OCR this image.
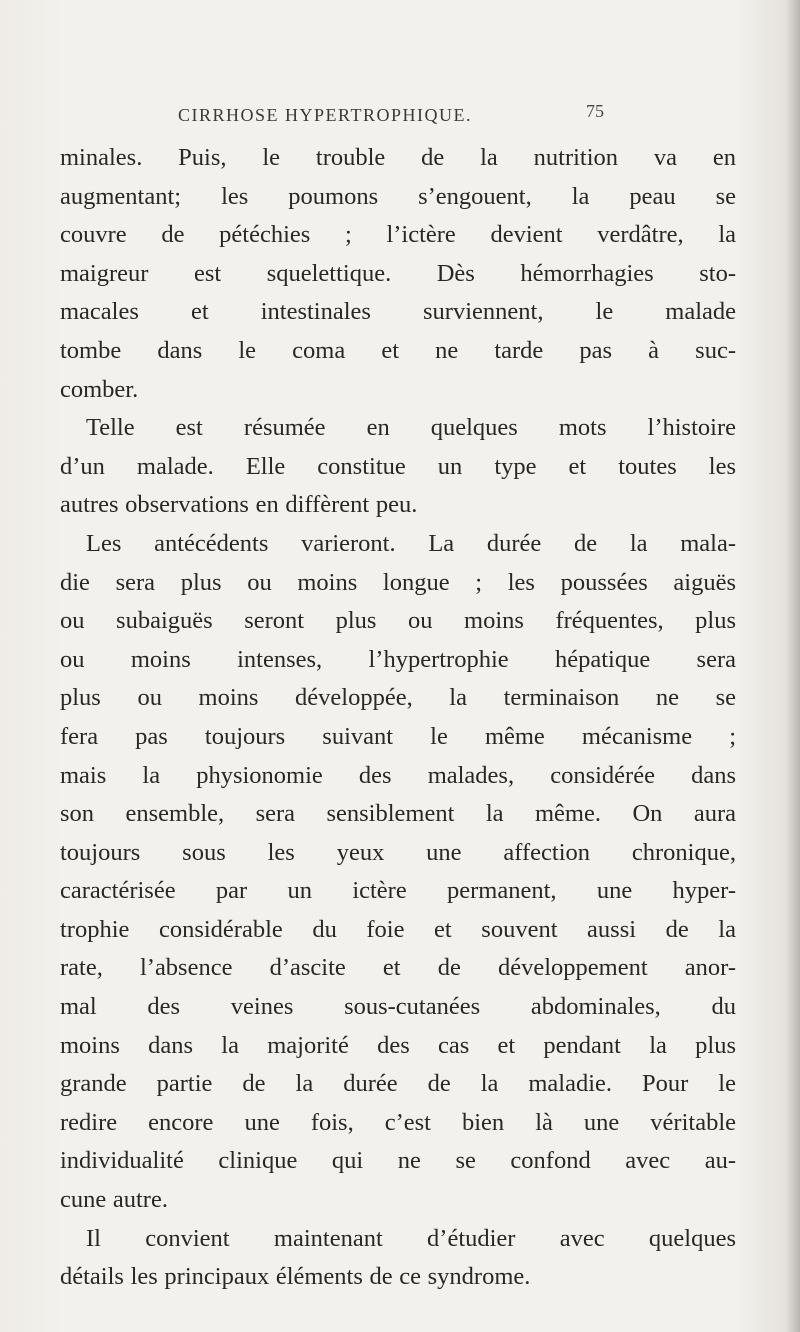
CIRRHOSE HYPERTROPHIQUE.	75
minales. Puis, le trouble de la nutrition va en
augmentant; les poumons s’engouent, la peau se
couvre de pétéchies ; l’ictère devient verdâtre, la
maigreur est squelettique. Dès hémorrhagies sto-
macales et intestinales surviennent, le malade
tombe dans le coma et ne tarde pas à suc-
comber.
Telle est résumée en quelques mots l’histoire
d’un malade. Elle constitue un type et toutes les
autres observations en diffèrent peu.
Les antécédents varieront. La durée de la mala-
die sera plus ou moins longue ; les poussées aiguës
ou subaiguës seront plus ou moins fréquentes, plus
ou moins intenses, l’hypertrophie hépatique sera
plus ou moins développée, la terminaison ne se
fera pas toujours suivant le même mécanisme ;
mais la physionomie des malades, considérée dans
son ensemble, sera sensiblement la même. On aura
toujours sous les yeux une affection chronique,
caractérisée par un ictère permanent, une hyper-
trophie considérable du foie et souvent aussi de la
rate, l’absence d’ascite et de développement anor-
mal des veines sous-cutanées abdominales, du
moins dans la majorité des cas et pendant la plus
grande partie de la durée de la maladie. Pour le
redire encore une fois, c’est bien là une véritable
individualité clinique qui ne se confond avec au-
cune autre.
Il convient maintenant d’étudier avec quelques
détails les principaux éléments de ce syndrome.
